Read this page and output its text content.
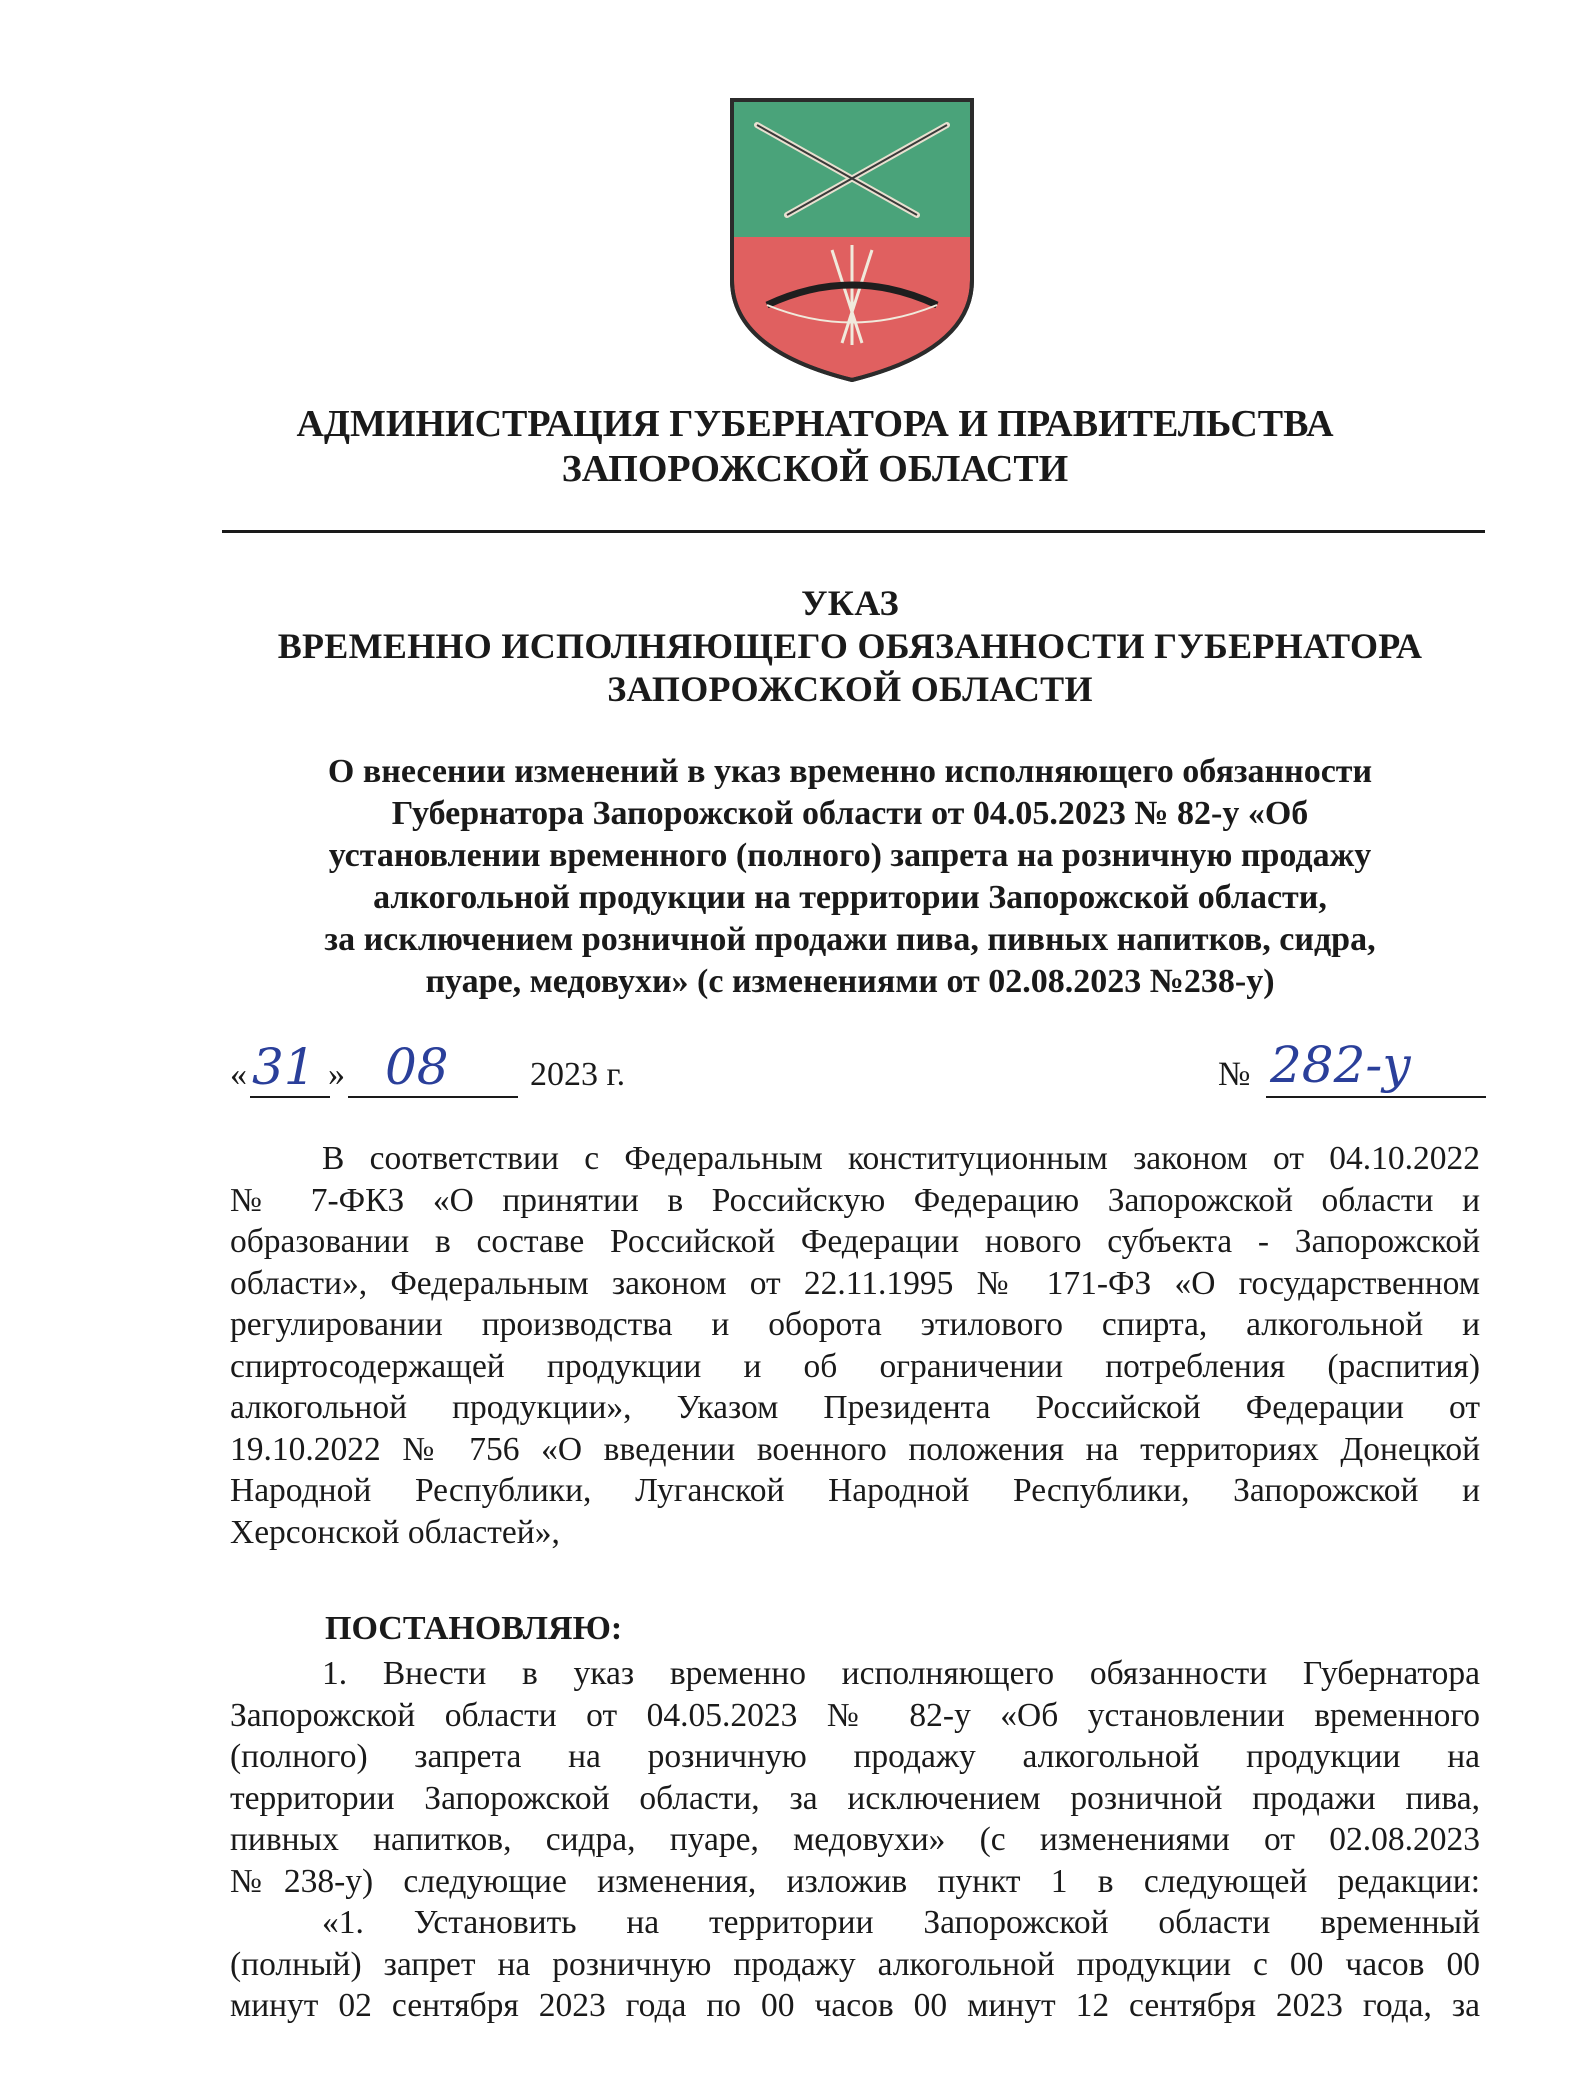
АДМИНИСТРАЦИЯ ГУБЕРНАТОРА И ПРАВИТЕЛЬСТВА
ЗАПОРОЖСКОЙ ОБЛАСТИ
УКАЗ
ВРЕМЕННО ИСПОЛНЯЮЩЕГО ОБЯЗАННОСТИ ГУБЕРНАТОРА
ЗАПОРОЖСКОЙ ОБЛАСТИ
О внесении изменений в указ временно исполняющего обязанности
Губернатора Запорожской области от 04.05.2023 № 82-у «Об
установлении временного (полного) запрета на розничную продажу
алкогольной продукции на территории Запорожской области,
за исключением розничной продажи пива, пивных напитков, сидра,
пуаре, медовухи» (с изменениями от 02.08.2023 №238-у)
« 31 » 08 2023 г.	№ 282-у
В соответствии с Федеральным конституционным законом от 04.10.2022
№ 7-ФКЗ «О принятии в Российскую Федерацию Запорожской области и
образовании в составе Российской Федерации нового субъекта - Запорожской
области», Федеральным законом от 22.11.1995 № 171-ФЗ «О государственном
регулировании производства и оборота этилового спирта, алкогольной и
спиртосодержащей продукции и об ограничении потребления (распития)
алкогольной продукции», Указом Президента Российской Федерации от
19.10.2022 № 756 «О введении военного положения на территориях Донецкой
Народной Республики, Луганской Народной Республики, Запорожской и
Херсонской областей»,
ПОСТАНОВЛЯЮ:
1. Внести в указ временно исполняющего обязанности Губернатора
Запорожской области от 04.05.2023 № 82-у «Об установлении временного
(полного) запрета на розничную продажу алкогольной продукции на
территории Запорожской области, за исключением розничной продажи пива,
пивных напитков, сидра, пуаре, медовухи» (с изменениями от 02.08.2023
№238-у) следующие изменения, изложив пункт 1 в следующей редакции:
«1. Установить на территории Запорожской области временный
(полный) запрет на розничную продажу алкогольной продукции с 00 часов 00
минут 02 сентября 2023 года по 00 часов 00 минут 12 сентября 2023 года, за
